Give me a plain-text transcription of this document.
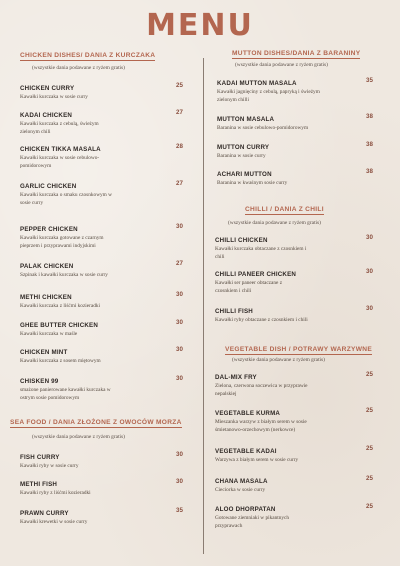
MENU
CHICKEN DISHES/ DANIA Z KURCZAKA
(wszystkie dania podawane z ryżem gratis)
CHICKEN CURRY	25
Kawałki kurczaka w sosie curry
KADAI CHICKEN	27
Kawałki kurczaka z cebulą, świeżym
zielonym chili
CHICKEN TIKKA MASALA	28
Kawałki kurczaka w sosie cebulowo-
pomidorowym
GARLIC CHICKEN	27
Kawałki kurczaka o smaku czosnkowym w
sosie curry
PEPPER CHICKEN	30
Kawałki kurczaka gotowane z czarnym
pieprzem i przyprawami indyjskimi
PALAK CHICKEN	27
Szpinak i kawałki kurczaka w sosie curry
METHI CHICKEN	30
Kawałki kurczaka z liśćmi kozieradki
GHEE BUTTER CHICKEN	30
Kawałki kurczaka w maśle
CHICKEN MINT	30
Kawałki kurczaka z sosem miętowym
CHISKEN 99	30
smażone panierowane kawałki kurczaka w
ostrym sosie pomidorowym
SEA FOOD / DANIA ZŁOŻONE Z OWOCÓW MORZA
(wszystkie dania podawane z ryżem gratis)
FISH CURRY	30
Kawałki ryby w sosie curry
METHI FISH	30
Kawałki ryby z liśćmi kozieradki
PRAWN CURRY	35
Kawałki krewetki w sosie curry
MUTTON DISHES/DANIA Z BARANINY
(wszystkie dania podawane z ryżem gratis)
KADAI MUTTON MASALA	35
Kawałki jagnięciny z cebulą, papryką i świeżym
zielonym chilli
MUTTON MASALA	38
Baranina w sosie cebulowo-pomidorowym
MUTTON CURRY	38
Baranina w sosie curry
ACHARI MUTTON	38
Baranina w kwaśnym sosie curry
CHILLI / DANIA Z CHILI
(wszystkie dania podawane z ryżem gratis)
CHILLI CHICKEN	30
Kawałki kurczaka obtaczane z czosnkiem i
chili
CHILLI PANEER CHICKEN	30
Kawałki ser paneer obtaczane z
czosnkiem i chili
CHILLI FISH	30
Kawałki ryby obtaczane z czosnkiem i chili
VEGETABLE DISH / POTRAWY WARZYWNE
(wszystkie dania podawane z ryżem gratis)
DAL-MIX FRY	25
Zielona, czerwona soczewica w przyprawie
nepalskiej
VEGETABLE KURMA	25
Mieszanka warzyw z białym serem w sosie
śmietanowo-orzechowym (nerkowce)
VEGETABLE KADAI	25
Warzywa z białym serem w sosie curry
CHANA MASALA	25
Cieciorka w sosie curry
ALOO DHORPATAN	25
Gotowane ziemniaki w pikantnych
przyprawach
